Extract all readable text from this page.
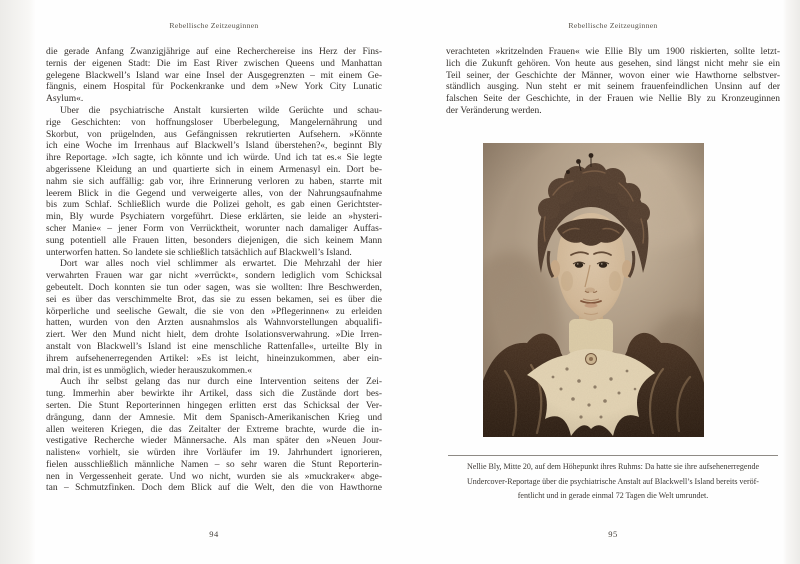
Rebellische Zeitzeuginnen
die gerade Anfang Zwanzigjährige auf eine Recherchereise ins Herz der Fins-
ternis der eigenen Stadt: Die im East River zwischen Queens und Manhattan
gelegene Blackwell’s Island war eine Insel der Ausgegrenzten – mit einem Ge-
fängnis, einem Hospital für Pockenkranke und dem »New York City Lunatic
Asylum«.
Über die psychiatrische Anstalt kursierten wilde Gerüchte und schau-
rige Geschichten: von hoffnungsloser Überbelegung, Mangelernährung und
Skorbut, von prügelnden, aus Gefängnissen rekrutierten Aufsehern. »Könnte
ich eine Woche im Irrenhaus auf Blackwell’s Island überstehen?«, beginnt Bly
ihre Reportage. »Ich sagte, ich könnte und ich würde. Und ich tat es.« Sie legte
abgerissene Kleidung an und quartierte sich in einem Armenasyl ein. Dort be-
nahm sie sich auffällig: gab vor, ihre Erinnerung verloren zu haben, starrte mit
leerem Blick in die Gegend und verweigerte alles, von der Nahrungsaufnahme
bis zum Schlaf. Schließlich wurde die Polizei geholt, es gab einen Gerichtster-
min, Bly wurde Psychiatern vorgeführt. Diese erklärten, sie leide an »hysteri-
scher Manie« – jener Form von Verrücktheit, worunter nach damaliger Auffas-
sung potentiell alle Frauen litten, besonders diejenigen, die sich keinem Mann
unterworfen hatten. So landete sie schließlich tatsächlich auf Blackwell’s Island.
Dort war alles noch viel schlimmer als erwartet. Die Mehrzahl der hier
verwahrten Frauen war gar nicht »verrückt«, sondern lediglich vom Schicksal
gebeutelt. Doch konnten sie tun oder sagen, was sie wollten: Ihre Beschwerden,
sei es über das verschimmelte Brot, das sie zu essen bekamen, sei es über die
körperliche und seelische Gewalt, die sie von den »Pflegerinnen« zu erleiden
hatten, wurden von den Ärzten ausnahmslos als Wahnvorstellungen abqualifi-
ziert. Wer den Mund nicht hielt, dem drohte Isolationsverwahrung. »Die Irren-
anstalt von Blackwell’s Island ist eine menschliche Rattenfalle«, urteilte Bly in
ihrem aufsehenerregenden Artikel: »Es ist leicht, hineinzukommen, aber ein-
mal drin, ist es unmöglich, wieder herauszukommen.«
Auch ihr selbst gelang das nur durch eine Intervention seitens der Zei-
tung. Immerhin aber bewirkte ihr Artikel, dass sich die Zustände dort bes-
serten. Die Stunt Reporterinnen hingegen erlitten erst das Schicksal der Ver-
drängung, dann der Amnesie. Mit dem Spanisch-Amerikanischen Krieg und
allen weiteren Kriegen, die das Zeitalter der Extreme brachte, wurde die in-
vestigative Recherche wieder Männersache. Als man später den »Neuen Jour-
nalisten« vorhielt, sie würden ihre Vorläufer im 19. Jahrhundert ignorieren,
fielen ausschließlich männliche Namen – so sehr waren die Stunt Reporterin-
nen in Vergessenheit gerate. Und wo nicht, wurden sie als »muckraker« abge-
tan – Schmutzfinken. Doch dem Blick auf die Welt, den die von Hawthorne
94
Rebellische Zeitzeuginnen
verachteten »kritzelnden Frauen« wie Ellie Bly um 1900 riskierten, sollte letzt-
lich die Zukunft gehören. Von heute aus gesehen, sind längst nicht mehr sie ein
Teil seiner, der Geschichte der Männer, wovon einer wie Hawthorne selbstver-
ständlich ausging. Nun steht er mit seinem frauenfeindlichen Unsinn auf der
falschen Seite der Geschichte, in der Frauen wie Nellie Bly zu Kronzeuginnen
der Veränderung werden.
Nellie Bly, Mitte 20, auf dem Höhepunkt ihres Ruhms: Da hatte sie ihre aufsehenerregende
Undercover-Reportage über die psychiatrische Anstalt auf Blackwell’s Island bereits veröf-
fentlicht und in gerade einmal 72 Tagen die Welt umrundet.
95
